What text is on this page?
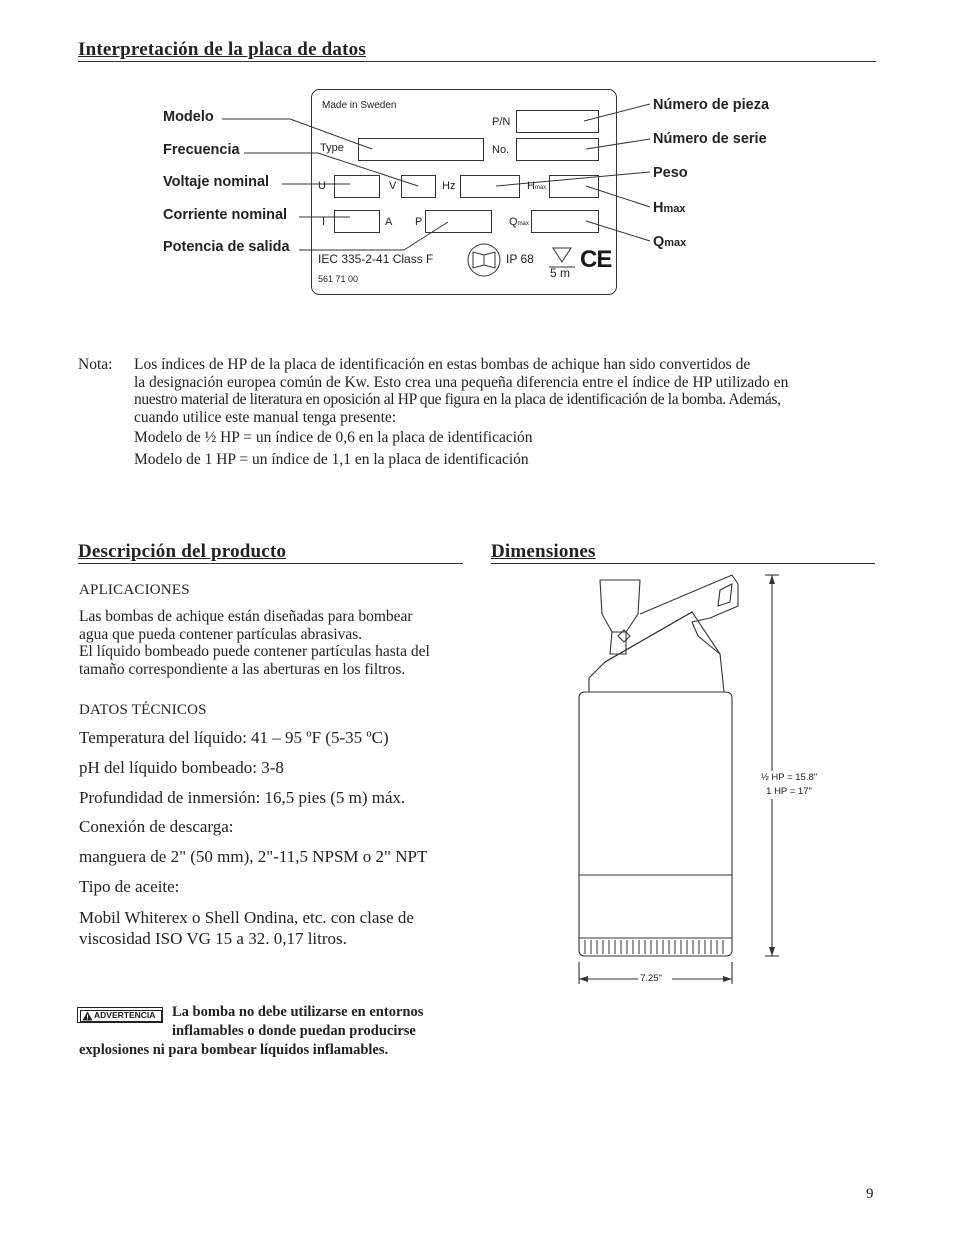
Interpretación de la placa de datos
Modelo
Frecuencia
Voltaje nominal
Corriente nominal
Potencia de salida
Número de pieza
Número de serie
Peso
Hmax
Qmax
Made in Sweden
P/N
Type	No.
U	V	Hz	Hmax
I	A P	Qmax
IEC 335-2-41 Class F	IP 68
5 m
561 71 00
CE
Nota: Los índices de HP de la placa de identificación en estas bombas de achique han sido convertidos de
la designación europea común de Kw. Esto crea una pequeña diferencia entre el índice de HP utilizado en
nuestro material de literatura en oposición al HP que figura en la placa de identificación de la bomba. Además,
cuando utilice este manual tenga presente:
Modelo de ½ HP = un índice de 0,6 en la placa de identificación
Modelo de 1 HP = un índice de 1,1 en la placa de identificación
Descripción del producto
APLICACIONES
Las bombas de achique están diseñadas para bombear
agua que pueda contener partículas abrasivas.
El líquido bombeado puede contener partículas hasta del
tamaño correspondiente a las aberturas en los filtros.
DATOS TÉCNICOS
Temperatura del líquido: 41 – 95 ºF (5-35 ºC)
pH del líquido bombeado: 3-8
Profundidad de inmersión: 16,5 pies (5 m) máx.
Conexión de descarga:
manguera de 2" (50 mm), 2"-11,5 NPSM o 2" NPT
Tipo de aceite:
Mobil Whiterex o Shell Ondina, etc. con clase de
viscosidad ISO VG 15 a 32. 0,17 litros.
ADVERTENCIA La bomba no debe utilizarse en entornos
inflamables o donde puedan producirse
explosiones ni para bombear líquidos inflamables.
Dimensiones
½ HP = 15.8"
1 HP = 17"
7.25"
9
